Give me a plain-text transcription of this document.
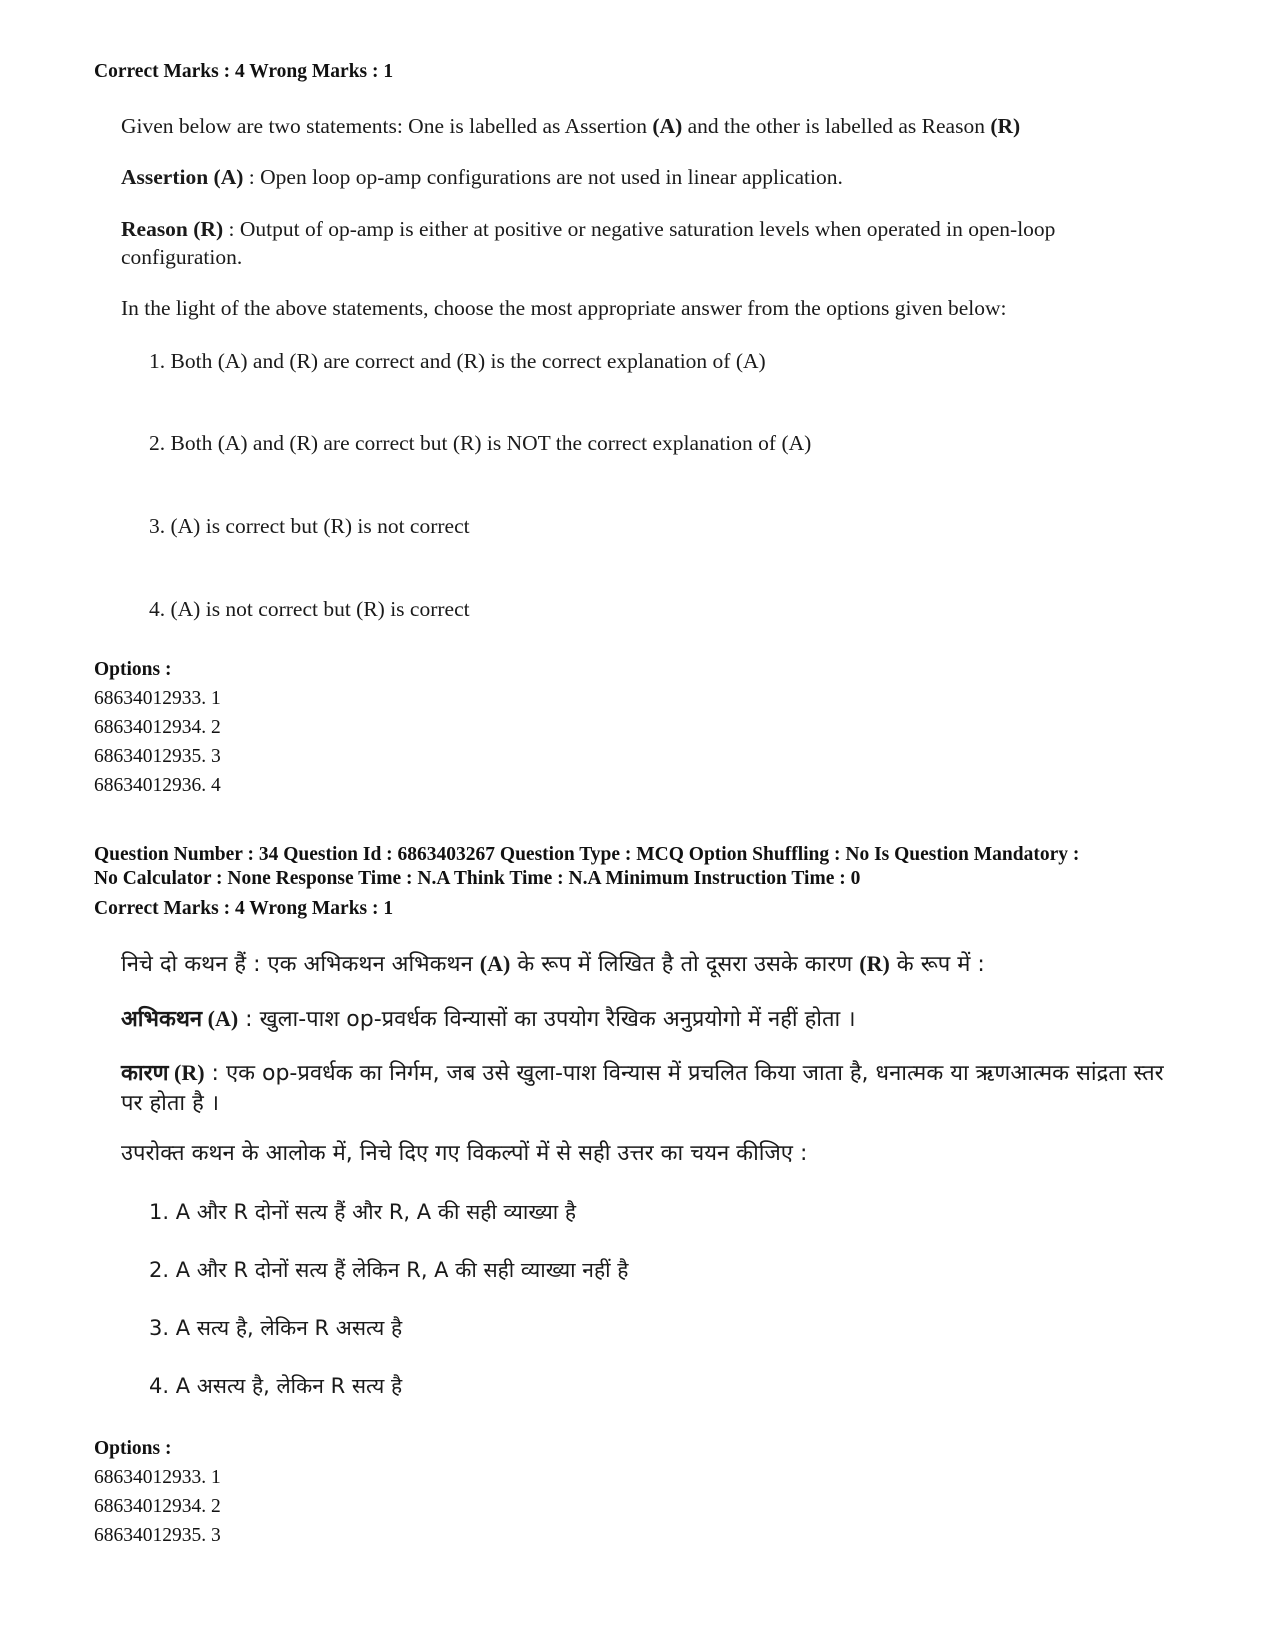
Correct Marks : 4 Wrong Marks : 1
Given below are two statements: One is labelled as Assertion (A) and the other is labelled as Reason (R)
Assertion (A) : Open loop op-amp configurations are not used in linear application.
Reason (R) : Output of op-amp is either at positive or negative saturation levels when operated in open-loop configuration.
In the light of the above statements, choose the most appropriate answer from the options given below:
1. Both (A) and (R) are correct and (R) is the correct explanation of (A)
2. Both (A) and (R) are correct but (R) is NOT the correct explanation of (A)
3. (A) is correct but (R) is not correct
4. (A) is not correct but (R) is correct
Options :
68634012933. 1
68634012934. 2
68634012935. 3
68634012936. 4
Question Number : 34 Question Id : 6863403267 Question Type : MCQ Option Shuffling : No Is Question Mandatory :
No Calculator : None Response Time : N.A Think Time : N.A Minimum Instruction Time : 0
Correct Marks : 4 Wrong Marks : 1
निचे दो कथन हैं : एक अभिकथन अभिकथन (A) के रूप में लिखित है तो दूसरा उसके कारण (R) के रूप में :
अभिकथन (A) : खुला-पाश op-प्रवर्धक विन्यासों का उपयोग रैखिक अनुप्रयोगो में नहीं होता ।
कारण (R) : एक op-प्रवर्धक का निर्गम, जब उसे खुला-पाश विन्यास में प्रचलित किया जाता है, धनात्मक या ऋणआत्मक सांद्रता स्तर पर होता है ।
उपरोक्त कथन के आलोक में, निचे दिए गए विकल्पों में से सही उत्तर का चयन कीजिए :
1. A और R दोनों सत्य हैं और R, A की सही व्याख्या है
2. A और R दोनों सत्य हैं लेकिन R, A की सही व्याख्या नहीं है
3. A सत्य है, लेकिन R असत्य है
4. A असत्य है, लेकिन R सत्य है
Options :
68634012933. 1
68634012934. 2
68634012935. 3
